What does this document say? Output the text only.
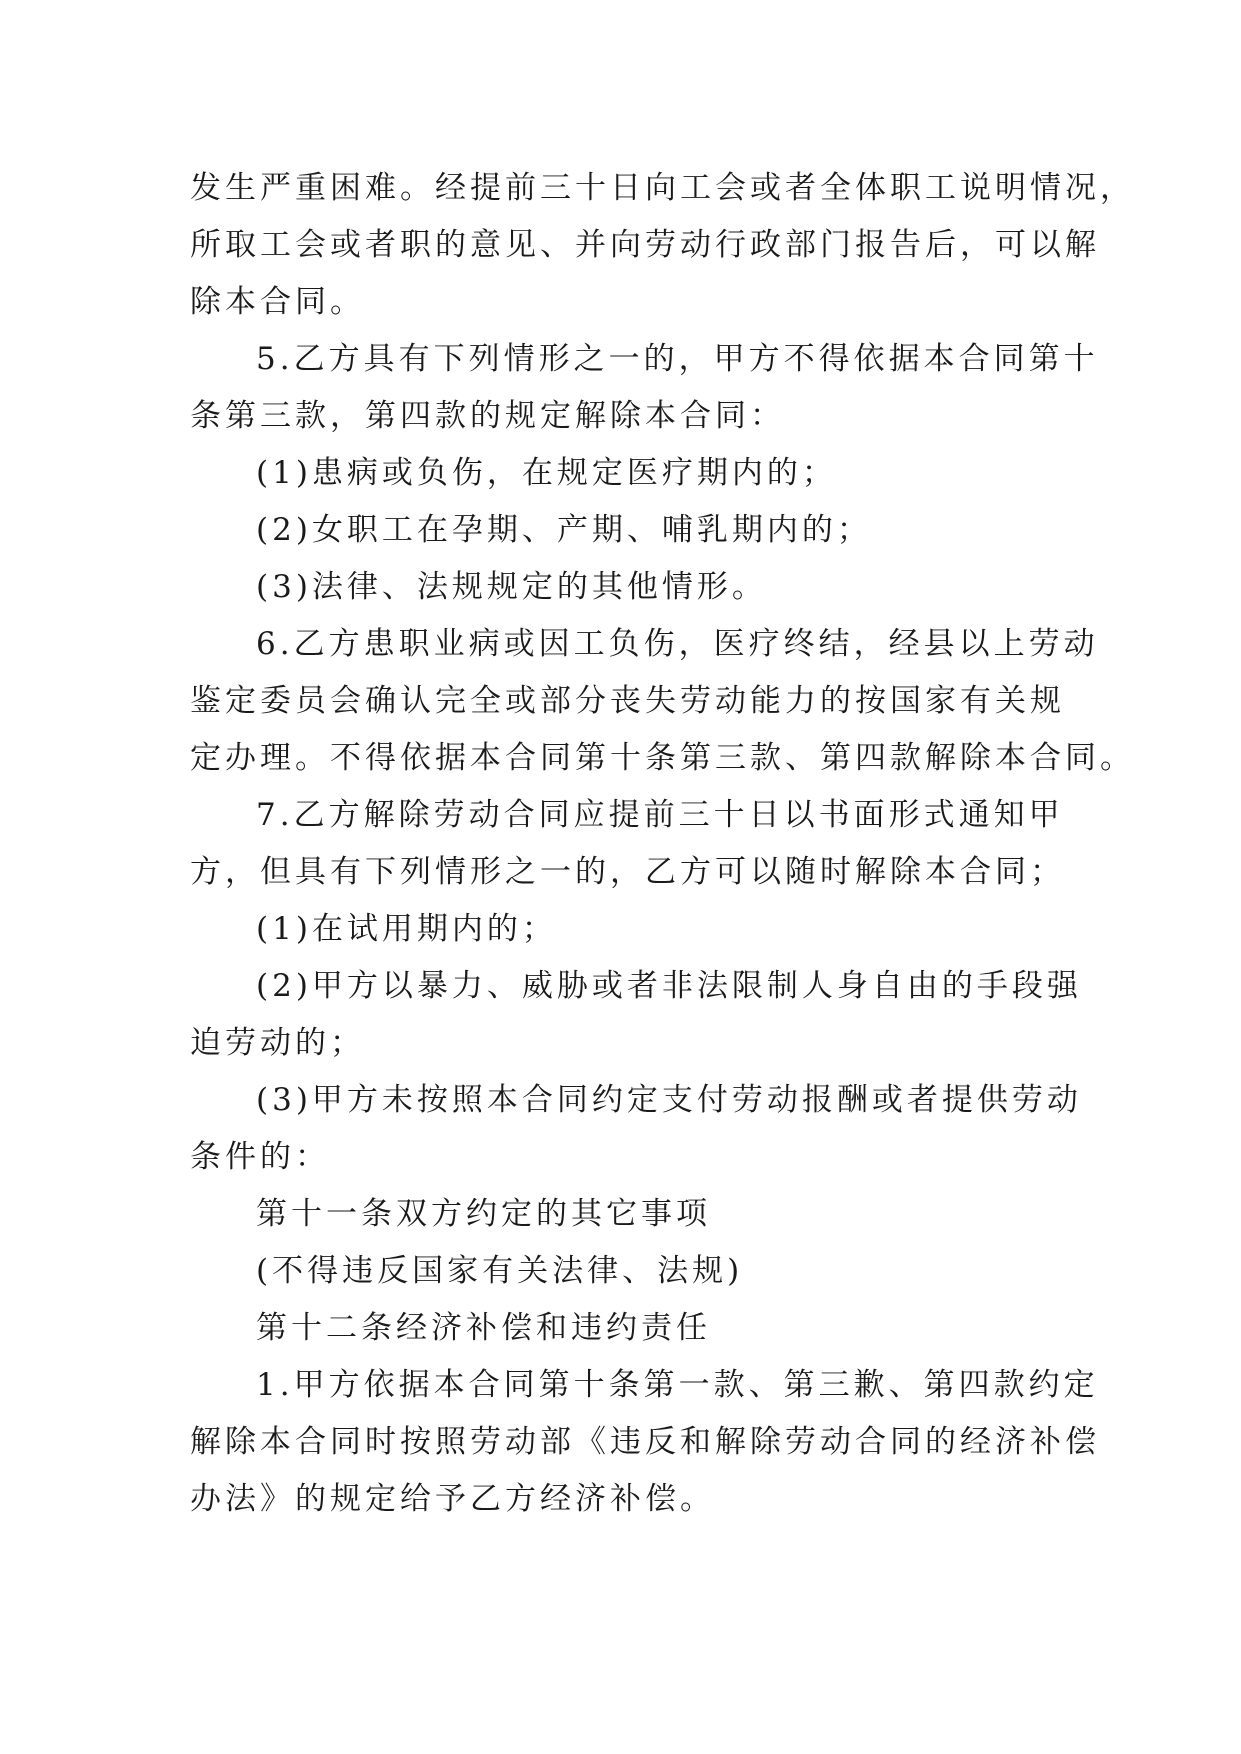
发生严重困难。经提前三十日向工会或者全体职工说明情况，
所取工会或者职的意见、并向劳动行政部门报告后，可以解
除本合同。
5.乙方具有下列情形之一的，甲方不得依据本合同第十
条第三款，第四款的规定解除本合同：
(1)患病或负伤，在规定医疗期内的；
(2)女职工在孕期、产期、哺乳期内的；
(3)法律、法规规定的其他情形。
6.乙方患职业病或因工负伤，医疗终结，经县以上劳动
鉴定委员会确认完全或部分丧失劳动能力的按国家有关规
定办理。不得依据本合同第十条第三款、第四款解除本合同。
7.乙方解除劳动合同应提前三十日以书面形式通知甲
方，但具有下列情形之一的，乙方可以随时解除本合同；
(1)在试用期内的；
(2)甲方以暴力、威胁或者非法限制人身自由的手段强
迫劳动的；
(3)甲方未按照本合同约定支付劳动报酬或者提供劳动
条件的：
第十一条双方约定的其它事项
(不得违反国家有关法律、法规)
第十二条经济补偿和违约责任
1.甲方依据本合同第十条第一款、第三歉、第四款约定
解除本合同时按照劳动部《违反和解除劳动合同的经济补偿
办法》的规定给予乙方经济补偿。
